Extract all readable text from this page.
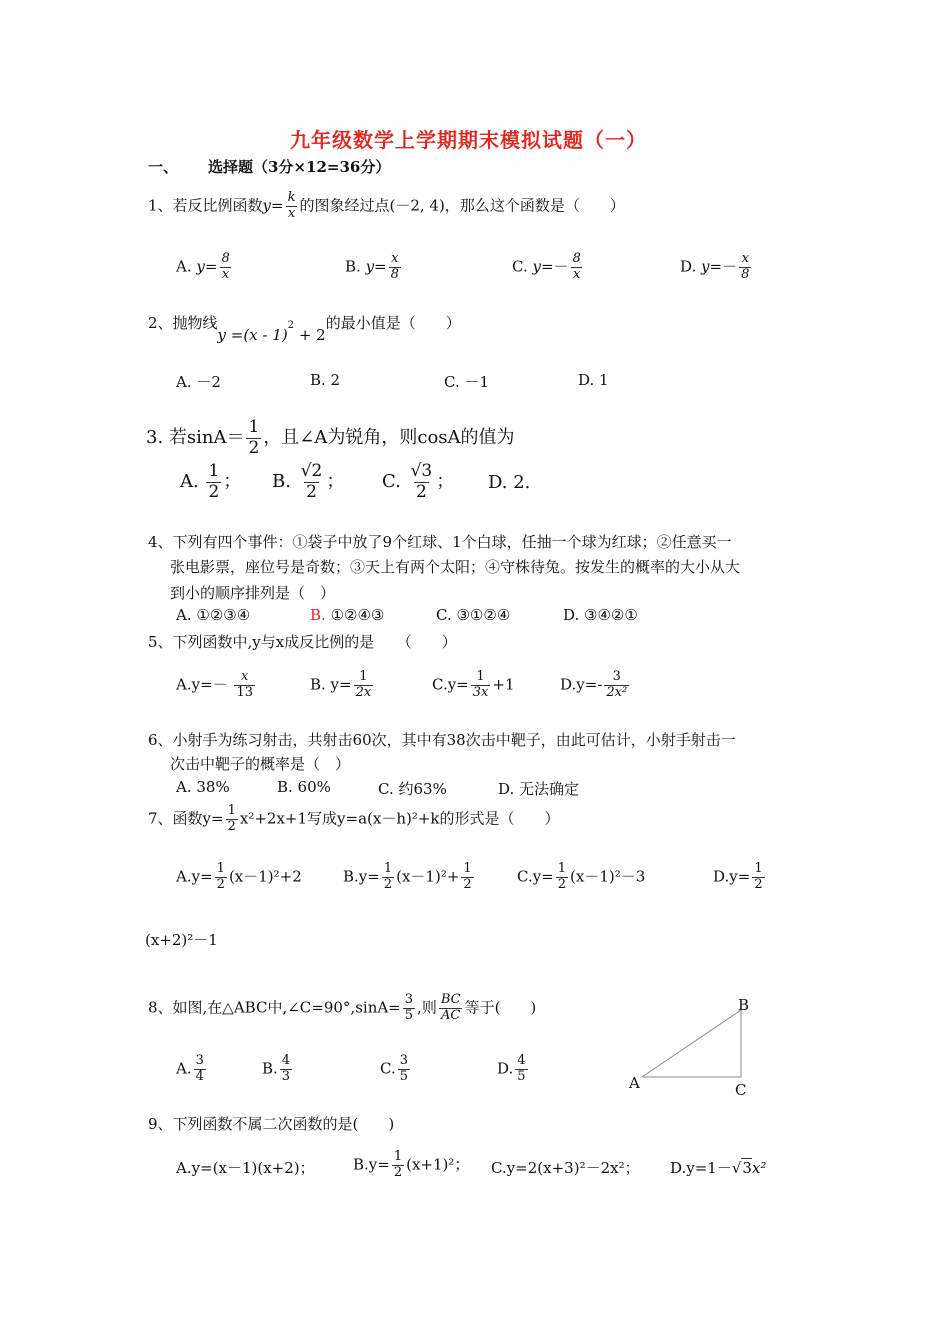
九年级数学上学期期末模拟试题（一）
一、 选择题（3分×12=36分）
1、若反比例函数$y= \frac{k}{x}$ 的图象经过点(－2, 4)，那么这个函数是（　　）
A. $y= \frac{8}{x}$	B. $y= \frac{x}{8}$	C. $y=- \frac{8}{x}$	D. $y=- \frac{x}{8}$
2、抛物线y =(x - 1)$^2$ + 2的最小值是（　　）
A. －2	B. 2	C. －1	D. 1
3. 若$\sin A= \frac{1}{2}$ ，且∠A为锐角，则cosA的值为
A. $\frac{1}{2}$ ； B. $\frac{√2}{2}$ ； C. $\frac{√3}{2}$ ； D. 2.
4、下列有四个事件：①袋子中放了9个红球、1个白球，任抽一个球为红球；②任意买一
张电影票，座位号是奇数；③天上有两个太阳；④守株待兔。按发生的概率的大小从大
到小的顺序排列是（　）
A. ①②③④	B. ①②④③	C. ③①②④	D. ③④②①
5、下列函数中,y与x成反比例的是　　（　　）
$A.y=- \frac{x}{13}$	B. $y= \frac{1}{2x}$	$C.y= \frac{1}{3x} +1$	$D.y=- \frac{3}{\text{2x²}}$
6、小射手为练习射击，共射击60次，其中有38次击中靶子，由此可估计，小射手射击一
次击中靶子的概率是（　）
A. 38%	B. 60%	C. 约63%	D. 无法确定
7、函数$y= \frac{1}{2} x^2+2x+1$写成y=a(x－h)²+k的形式是（　　）
$A.y= \frac{1}{2} (x-1)^2+2$	$B.y= \frac{1}{2} (x-1)^2+ \frac{1}{2}$	$C.y= \frac{1}{2} (x-1)^2-3$	$D.y= \frac{1}{2}$
(x+2)²－1
8、如图,在△ABC中,∠C=90°,sinA= $\frac{3}{5}$ ,则 $\frac{BC}{AC}$ 等于(　　)
A. $\frac{3}{4}$	B. $\frac{4}{3}$	C. $\frac{3}{5}$	D. $\frac{4}{5}$
B
A	C
9、下列函数不属二次函数的是(　　)
A.y=(x－1)(x+2)；	$B.y= \frac{1}{2} (x+1)^2$； C.y=2(x+3)²－2x²； D.y=1－√3x²
